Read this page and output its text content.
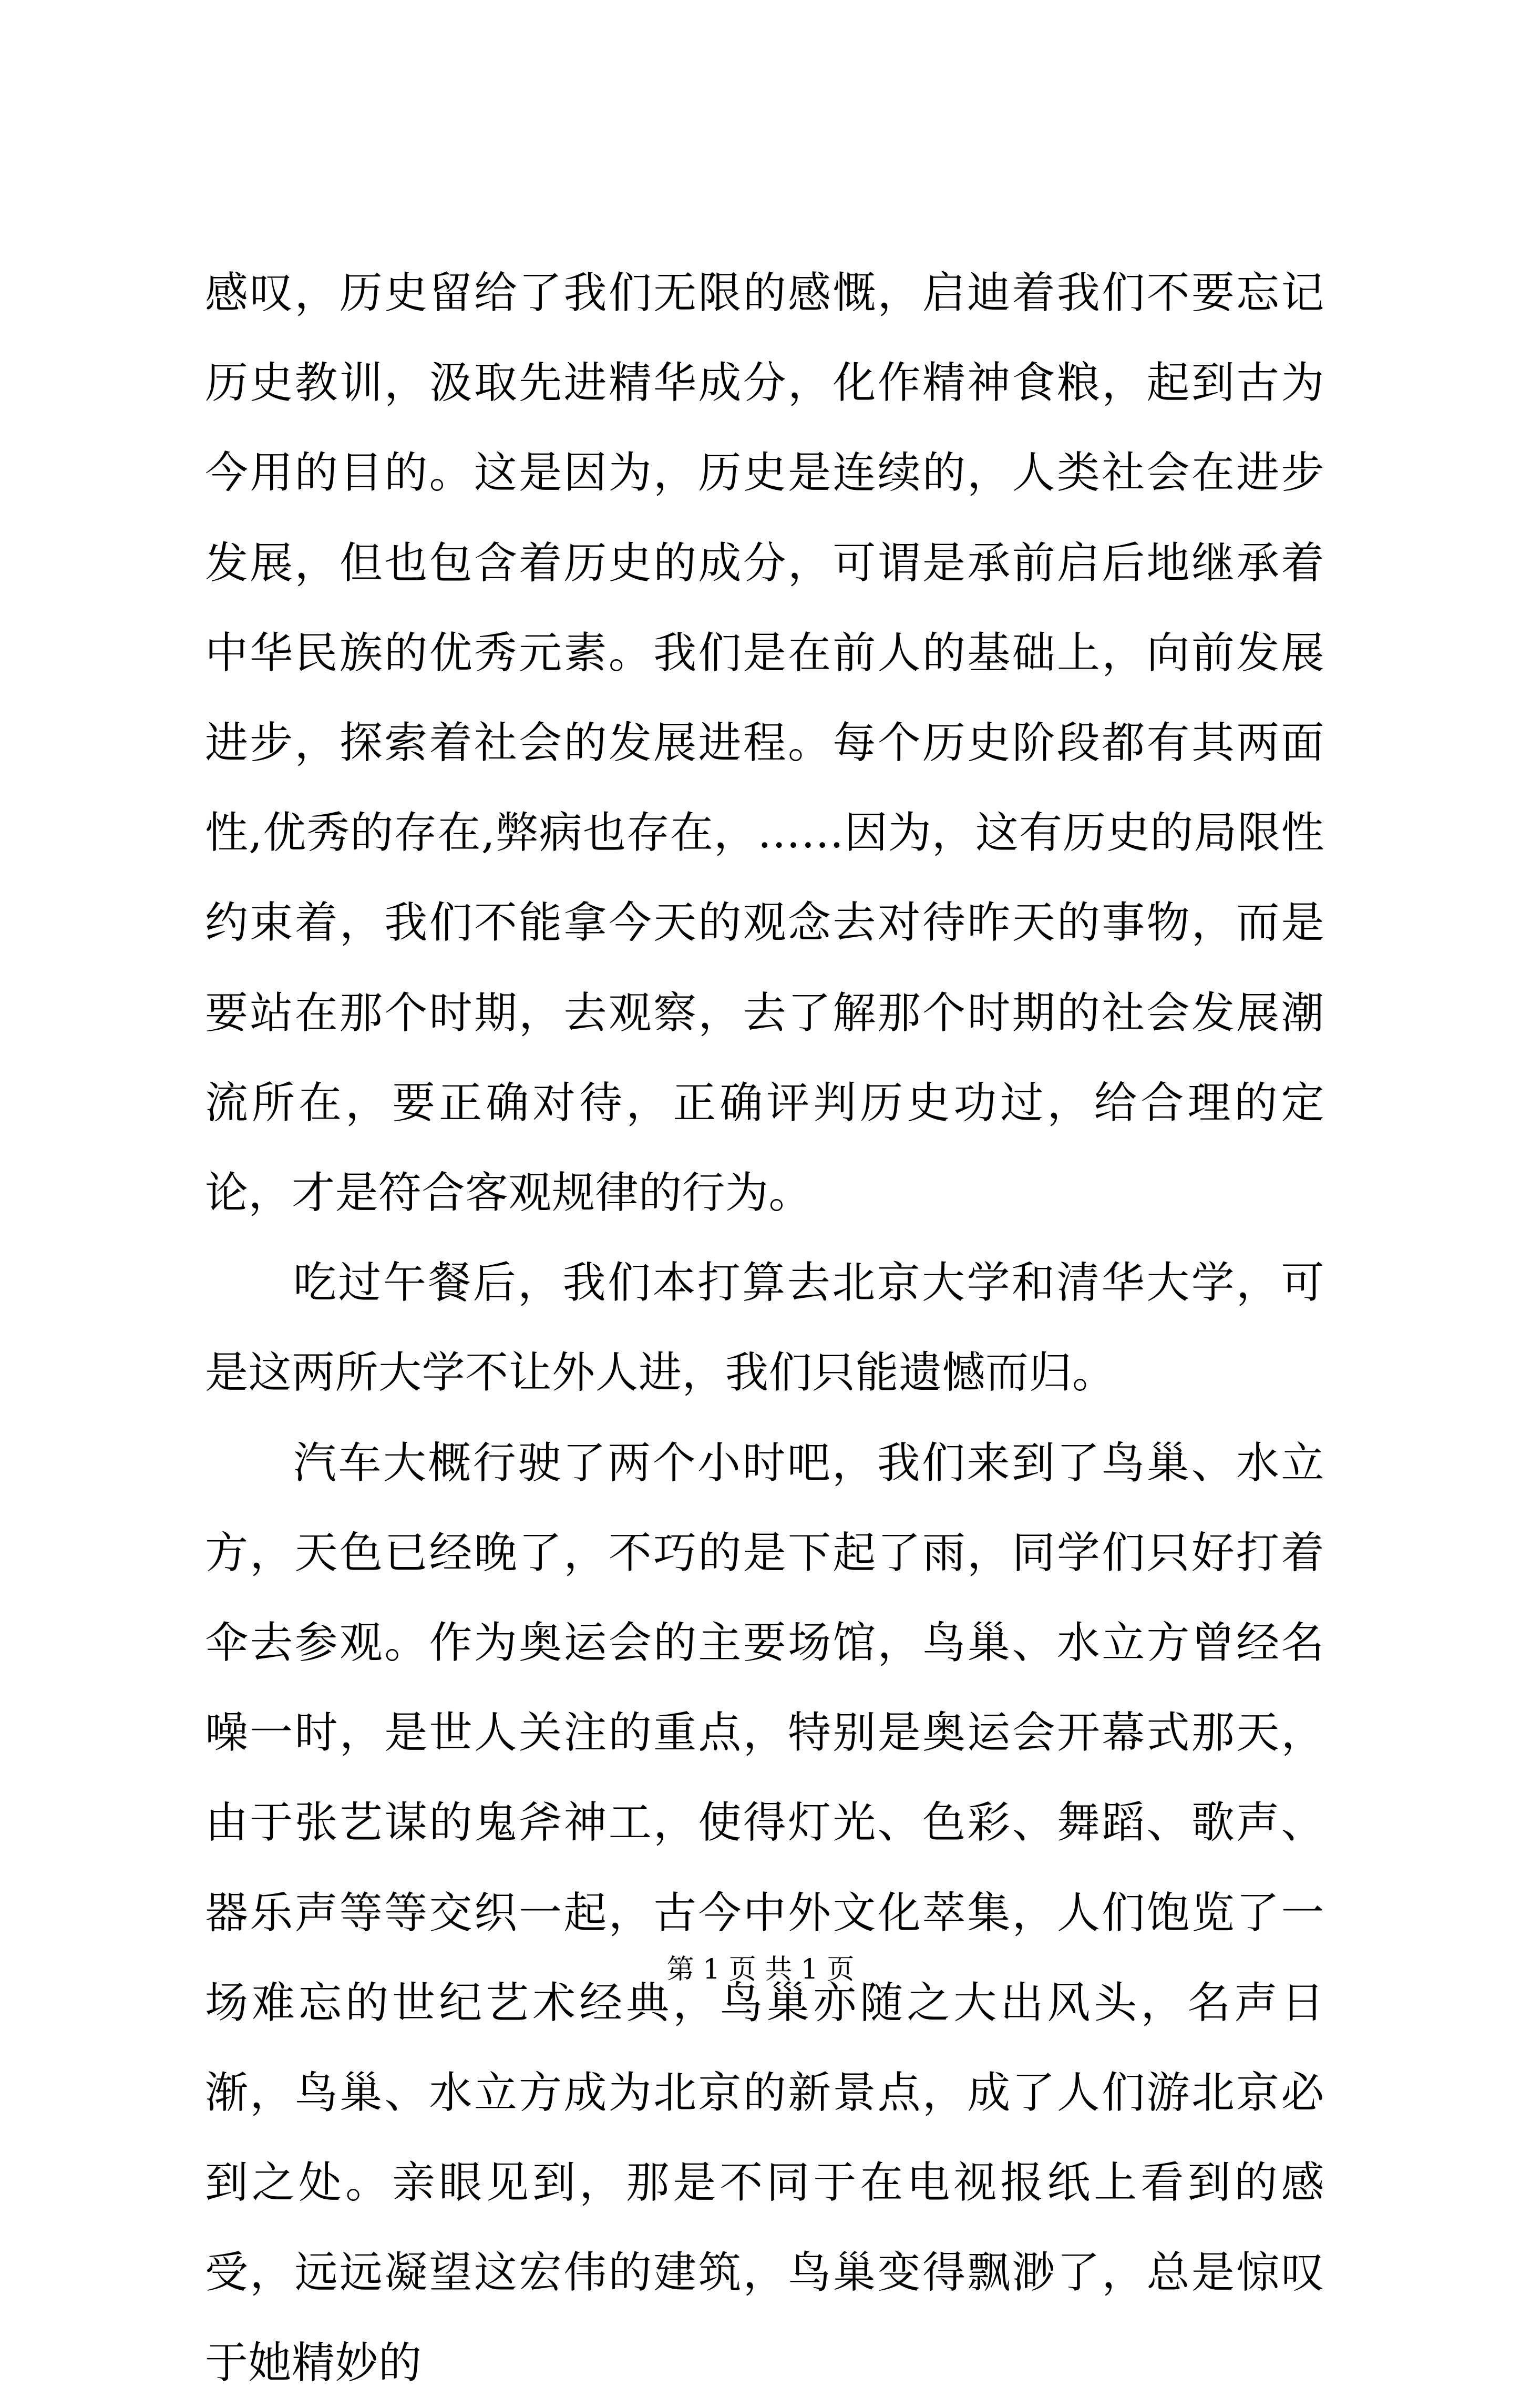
感叹，历史留给了我们无限的感慨，启迪着我们不要忘记历史教训，汲取先进精华成分，化作精神食粮，起到古为今用的目的。这是因为，历史是连续的，人类社会在进步发展，但也包含着历史的成分，可谓是承前启后地继承着中华民族的优秀元素。我们是在前人的基础上，向前发展进步，探索着社会的发展进程。每个历史阶段都有其两面性,优秀的存在,弊病也存在，……因为，这有历史的局限性约束着，我们不能拿今天的观念去对待昨天的事物，而是要站在那个时期，去观察，去了解那个时期的社会发展潮流所在，要正确对待，正确评判历史功过，给合理的定论，才是符合客观规律的行为。

吃过午餐后，我们本打算去北京大学和清华大学，可是这两所大学不让外人进，我们只能遗憾而归。

汽车大概行驶了两个小时吧，我们来到了鸟巢、水立方，天色已经晚了，不巧的是下起了雨，同学们只好打着伞去参观。作为奥运会的主要场馆，鸟巢、水立方曾经名噪一时，是世人关注的重点，特别是奥运会开幕式那天，由于张艺谋的鬼斧神工，使得灯光、色彩、舞蹈、歌声、器乐声等等交织一起，古今中外文化萃集，人们饱览了一场难忘的世纪艺术经典，鸟巢亦随之大出风头，名声日渐，鸟巢、水立方成为北京的新景点，成了人们游北京必到之处。亲眼见到，那是不同于在电视报纸上看到的感受，远远凝望这宏伟的建筑，鸟巢变得飘渺了，总是惊叹于她精妙的

第 1 页 共 1 页
